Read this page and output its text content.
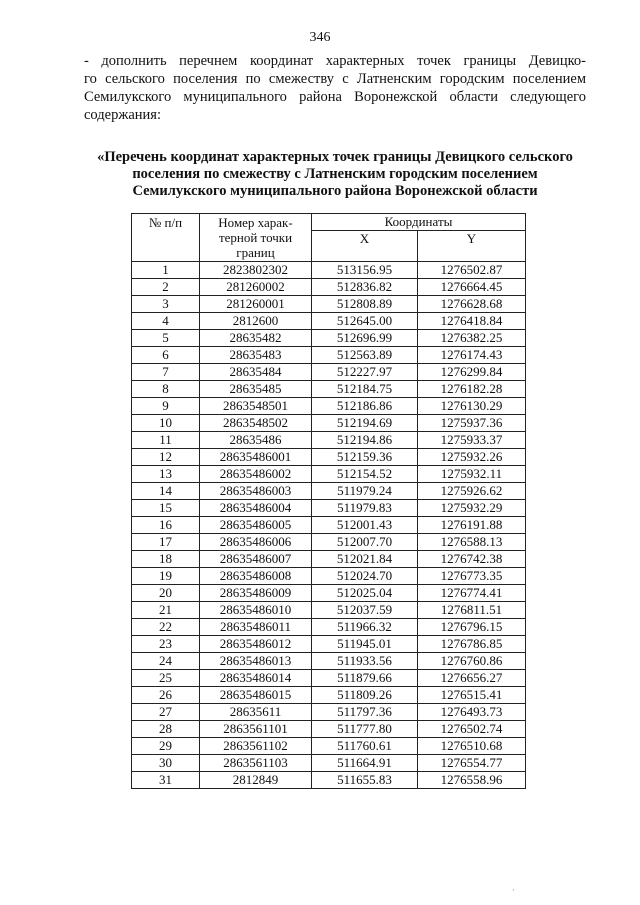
346
- дополнить перечнем координат характерных точек границы Девицко-
го сельского поселения по смежеству с Латненским городским поселением
Семилукского муниципального района Воронежской области следующего
содержания:
«Перечень координат характерных точек границы Девицкого сельского
поселения по смежеству с Латненским городским поселением
Семилукского муниципального района Воронежской области
№ п/п	Номер харак-
терной точки
границ	Координаты	
		X	Y
1	2823802302	513156.95	1276502.87
2	281260002	512836.82	1276664.45
3	281260001	512808.89	1276628.68
4	2812600	512645.00	1276418.84
5	28635482	512696.99	1276382.25
6	28635483	512563.89	1276174.43
7	28635484	512227.97	1276299.84
8	28635485	512184.75	1276182.28
9	2863548501	512186.86	1276130.29
10	2863548502	512194.69	1275937.36
11	28635486	512194.86	1275933.37
12	28635486001	512159.36	1275932.26
13	28635486002	512154.52	1275932.11
14	28635486003	511979.24	1275926.62
15	28635486004	511979.83	1275932.29
16	28635486005	512001.43	1276191.88
17	28635486006	512007.70	1276588.13
18	28635486007	512021.84	1276742.38
19	28635486008	512024.70	1276773.35
20	28635486009	512025.04	1276774.41
21	28635486010	512037.59	1276811.51
22	28635486011	511966.32	1276796.15
23	28635486012	511945.01	1276786.85
24	28635486013	511933.56	1276760.86
25	28635486014	511879.66	1276656.27
26	28635486015	511809.26	1276515.41
27	28635611	511797.36	1276493.73
28	2863561101	511777.80	1276502.74
29	2863561102	511760.61	1276510.68
30	2863561103	511664.91	1276554.77
31	2812849	511655.83	1276558.96
·
